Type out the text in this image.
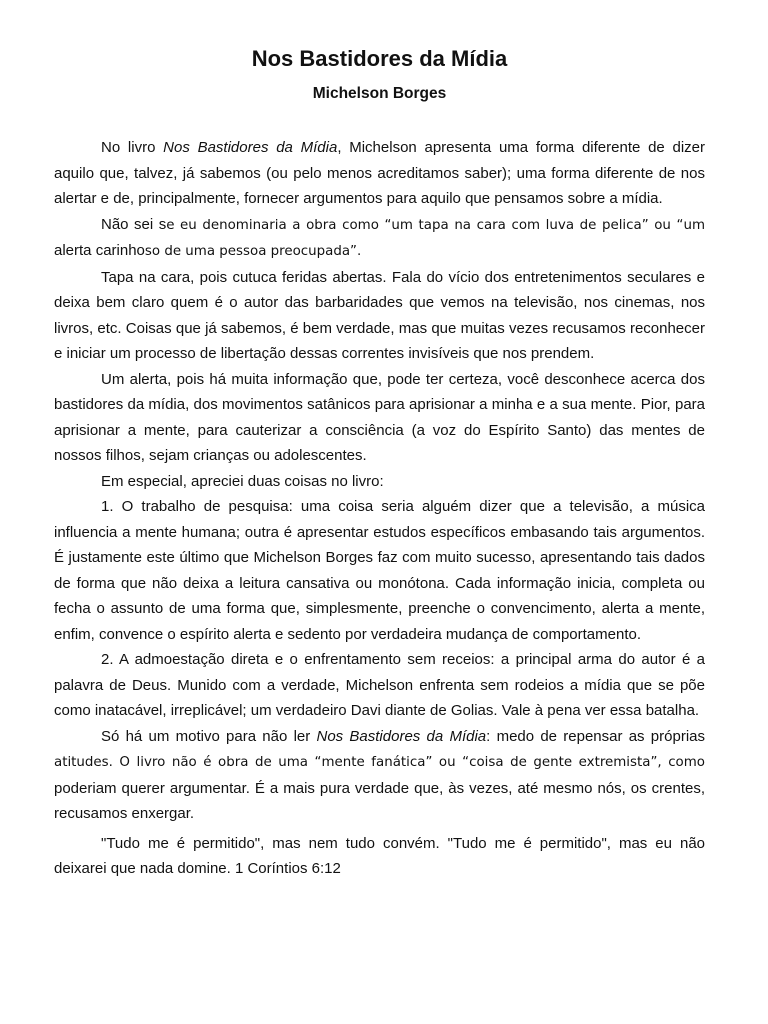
Nos Bastidores da Mídia
Michelson Borges

No livro Nos Bastidores da Mídia, Michelson apresenta uma forma diferente de dizer aquilo que, talvez, já sabemos (ou pelo menos acreditamos saber); uma forma diferente de nos alertar e de, principalmente, fornecer argumentos para aquilo que pensamos sobre a mídia.

Não sei se eu denominaria a obra como “um tapa na cara com luva de pelica” ou “um alerta carinhoso de uma pessoa preocupada”.

Tapa na cara, pois cutuca feridas abertas. Fala do vício dos entretenimentos seculares e deixa bem claro quem é o autor das barbaridades que vemos na televisão, nos cinemas, nos livros, etc. Coisas que já sabemos, é bem verdade, mas que muitas vezes recusamos reconhecer e iniciar um processo de libertação dessas correntes invisíveis que nos prendem.

Um alerta, pois há muita informação que, pode ter certeza, você desconhece acerca dos bastidores da mídia, dos movimentos satânicos para aprisionar a minha e a sua mente. Pior, para aprisionar a mente, para cauterizar a consciência (a voz do Espírito Santo) das mentes de nossos filhos, sejam crianças ou adolescentes.

Em especial, apreciei duas coisas no livro:

1. O trabalho de pesquisa: uma coisa seria alguém dizer que a televisão, a música influencia a mente humana; outra é apresentar estudos específicos embasando tais argumentos. É justamente este último que Michelson Borges faz com muito sucesso, apresentando tais dados de forma que não deixa a leitura cansativa ou monótona. Cada informação inicia, completa ou fecha o assunto de uma forma que, simplesmente, preenche o convencimento, alerta a mente, enfim, convence o espírito alerta e sedento por verdadeira mudança de comportamento.

2. A admoestação direta e o enfrentamento sem receios: a principal arma do autor é a palavra de Deus. Munido com a verdade, Michelson enfrenta sem rodeios a mídia que se põe como inatacável, irreplicável; um verdadeiro Davi diante de Golias. Vale à pena ver essa batalha.

Só há um motivo para não ler Nos Bastidores da Mídia: medo de repensar as próprias atitudes. O livro não é obra de uma “mente fanática” ou “coisa de gente extremista”, como poderiam querer argumentar. É a mais pura verdade que, às vezes, até mesmo nós, os crentes, recusamos enxergar.

"Tudo me é permitido", mas nem tudo convém. "Tudo me é permitido", mas eu não deixarei que nada domine. 1 Coríntios 6:12
